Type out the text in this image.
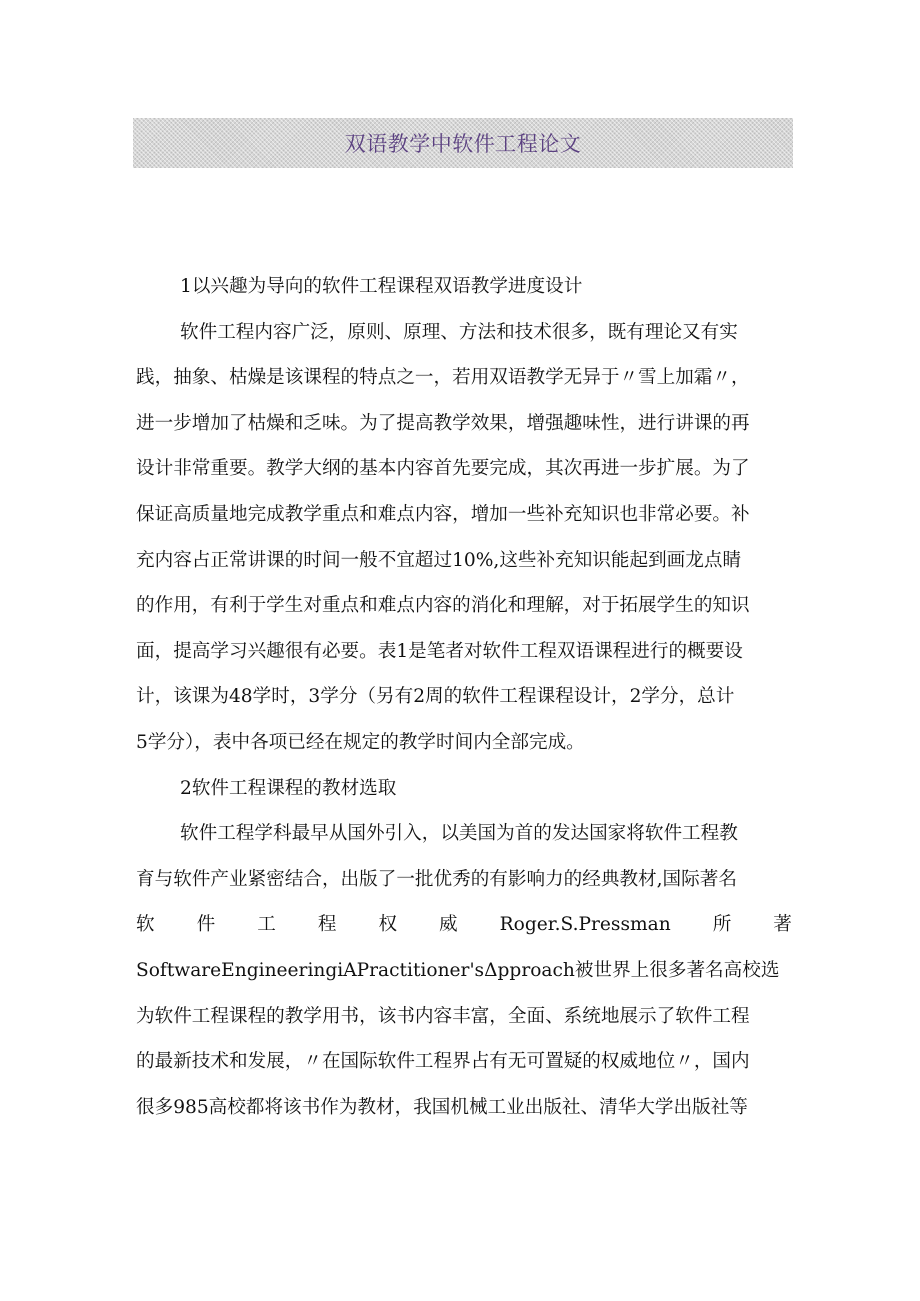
双语教学中软件工程论文
1以兴趣为导向的软件工程课程双语教学进度设计
软件工程内容广泛，原则、原理、方法和技术很多，既有理论又有实
践，抽象、枯燥是该课程的特点之一，若用双语教学无异于〃雪上加霜〃，
进一步增加了枯燥和乏味。为了提高教学效果，增强趣味性，进行讲课的再
设计非常重要。教学大纲的基本内容首先要完成，其次再进一步扩展。为了
保证高质量地完成教学重点和难点内容，增加一些补充知识也非常必要。补
充内容占正常讲课的时间一般不宜超过10%,这些补充知识能起到画龙点睛
的作用，有利于学生对重点和难点内容的消化和理解，对于拓展学生的知识
面，提高学习兴趣很有必要。表1是笔者对软件工程双语课程进行的概要设
计，该课为48学时，3学分（另有2周的软件工程课程设计，2学分，总计
5学分），表中各项已经在规定的教学时间内全部完成。
2软件工程课程的教材选取
软件工程学科最早从国外引入，以美国为首的发达国家将软件工程教
育与软件产业紧密结合，出版了一批优秀的有影响力的经典教材,国际著名
软 件 工 程 权 威 Roger.S.Pressman 所 著
SoftwareEngineeringiAPractitioner'sΔpproach被世界上很多著名高校选
为软件工程课程的教学用书，该书内容丰富，全面、系统地展示了软件工程
的最新技术和发展，〃在国际软件工程界占有无可置疑的权威地位〃，国内
很多985高校都将该书作为教材，我国机械工业出版社、清华大学出版社等
